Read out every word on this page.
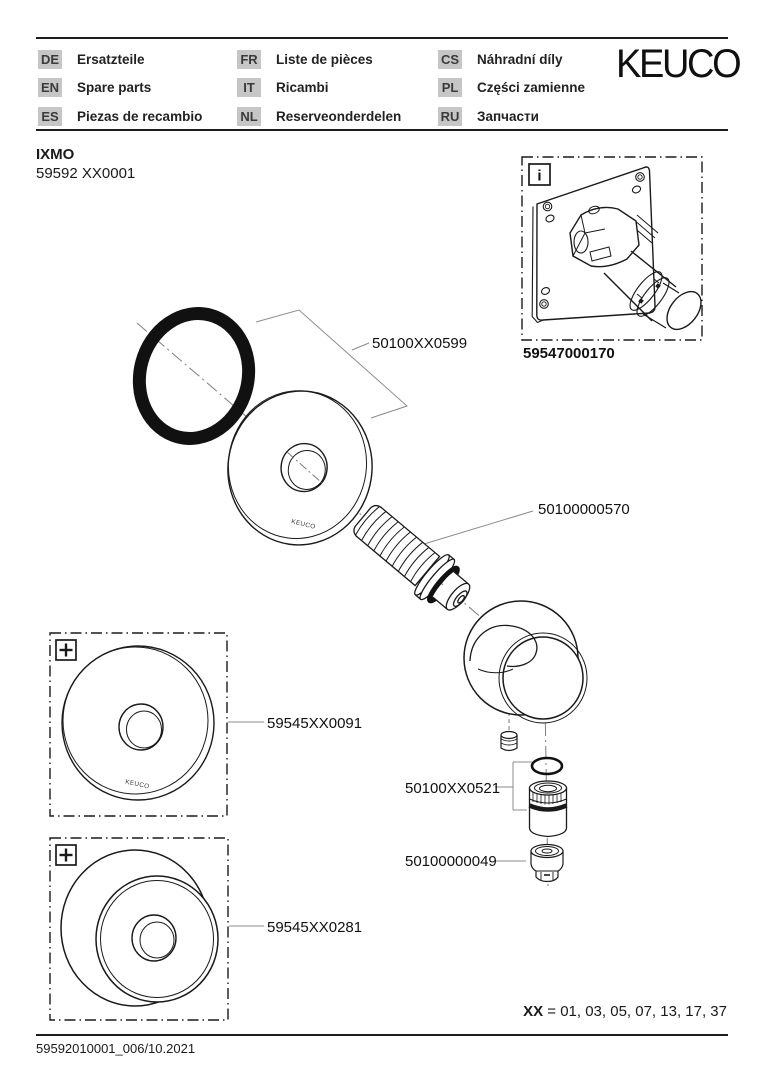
DE Ersatzteile
EN Spare parts
ES Piezas de recambio
FR Liste de pièces
IT	Ricambi
NL Reserveonderdelen
CS Náhradní díly
PL Części zamienne
RU Запчасти
KEUCO
IXMO
59592 XX0001
KEUCO
i
KEUCO
50100XX0599
50100000570
59547000170
59545XX0091
59545XX0281
50100XX0521
50100000049
XX = 01, 03, 05, 07, 13, 17, 37
59592010001_006/10.2021
